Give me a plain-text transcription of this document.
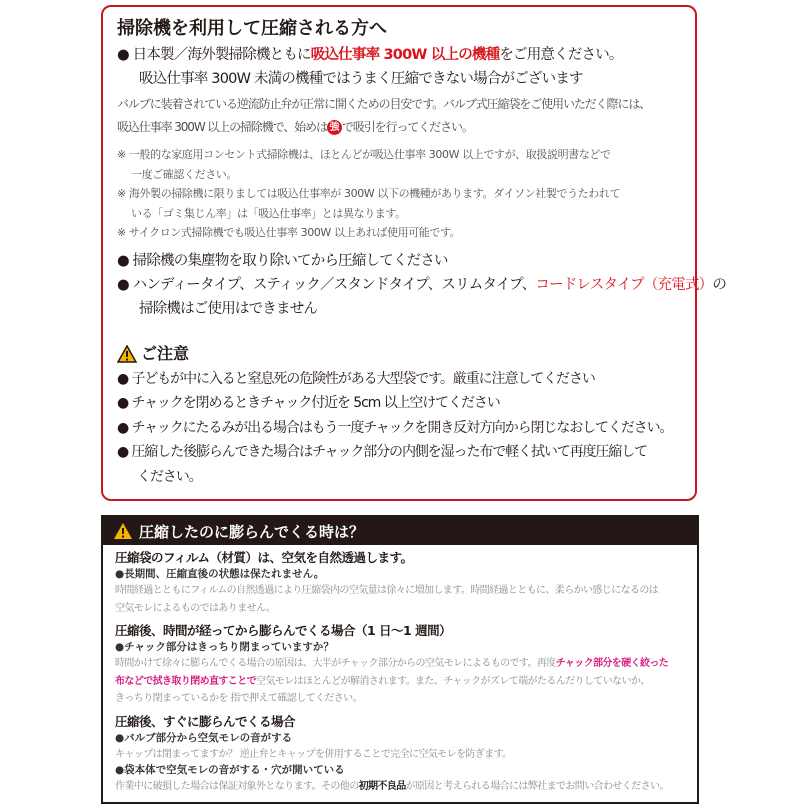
掃除機を利用して圧縮される方へ
● 日本製／海外製掃除機ともに吸込仕事率 300W 以上の機種をご用意ください。
吸込仕事率 300W 未満の機種ではうまく圧縮できない場合がございます
バルブに装着されている逆流防止弁が正常に開くための目安です。バルブ式圧縮袋をご使用いただく際には、
吸込仕事率 300W 以上の掃除機で、始めは 強 で吸引を行ってください。
※ 一般的な家庭用コンセント式掃除機は、ほとんどが吸込仕事率 300W 以上ですが、取扱説明書などで
一度ご確認ください。
※ 海外製の掃除機に限りましては吸込仕事率が 300W 以下の機種があります。ダイソン社製でうたわれて
いる「ゴミ集じん率」は「吸込仕事率」とは異なります。
※ サイクロン式掃除機でも吸込仕事率 300W 以上あれば使用可能です。
● 掃除機の集塵物を取り除いてから圧縮してください
● ハンディータイプ、スティック／スタンドタイプ、スリムタイプ、コードレスタイプ（充電式）の
掃除機はご使用はできません
ご注意
● 子どもが中に入ると窒息死の危険性がある大型袋です。厳重に注意してください
● チャックを閉めるときチャック付近を 5cm 以上空けてください
● チャックにたるみが出る場合はもう一度チャックを開き反対方向から閉じなおしてください。
● 圧縮した後膨らんできた場合はチャック部分の内側を湿った布で軽く拭いて再度圧縮して
ください。
圧縮したのに膨らんでくる時は？
圧縮袋のフィルム（材質）は、空気を自然透過します。
●長期間、圧縮直後の状態は保たれません。
時間経過とともにフィルムの自然透過により圧縮袋内の空気量は徐々に増加します。時間経過とともに、柔らかい感じになるのは
空気モレによるものではありません。
圧縮後、時間が経ってから膨らんでくる場合（1 日〜1 週間）
●チャック部分はきっちり閉まっていますか？
時間かけて徐々に膨らんでくる場合の原因は、大半がチャック部分からの空気モレによるものです。再度チャック部分を硬く絞った
布などで拭き取り閉め直すことで空気モレはほとんどが解消されます。また、チャックがズレて端がたるんだりしていないか、
きっちり閉まっているかを 指で押えて確認してください。
圧縮後、すぐに膨らんでくる場合
●バルブ部分から空気モレの音がする
キャップは閉まってますか？ 逆止弁とキャップを併用することで完全に空気モレを防ぎます。
●袋本体で空気モレの音がする・穴が開いている
作業中に破損した場合は保証対象外となります。その他の初期不良品が原因と考えられる場合には弊社までお問い合わせください。
